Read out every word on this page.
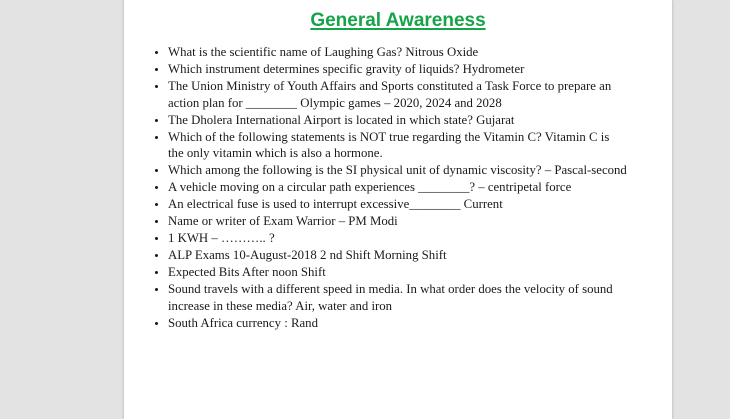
General Awareness
• What is the scientific name of Laughing Gas? Nitrous Oxide
• Which instrument determines specific gravity of liquids? Hydrometer
• The Union Ministry of Youth Affairs and Sports constituted a Task Force to prepare an action plan for ________ Olympic games – 2020, 2024 and 2028
• The Dholera International Airport is located in which state? Gujarat
• Which of the following statements is NOT true regarding the Vitamin C? Vitamin C is the only vitamin which is also a hormone.
• Which among the following is the SI physical unit of dynamic viscosity? – Pascal-second
• A vehicle moving on a circular path experiences ________? – centripetal force
• An electrical fuse is used to interrupt excessive________ Current
• Name or writer of Exam Warrior – PM Modi
• 1 KWH – ……….. ?
• ALP Exams 10-August-2018 2 nd Shift Morning Shift
• Expected Bits After noon Shift
• Sound travels with a different speed in media. In what order does the velocity of sound increase in these media? Air, water and iron
• South Africa currency : Rand
